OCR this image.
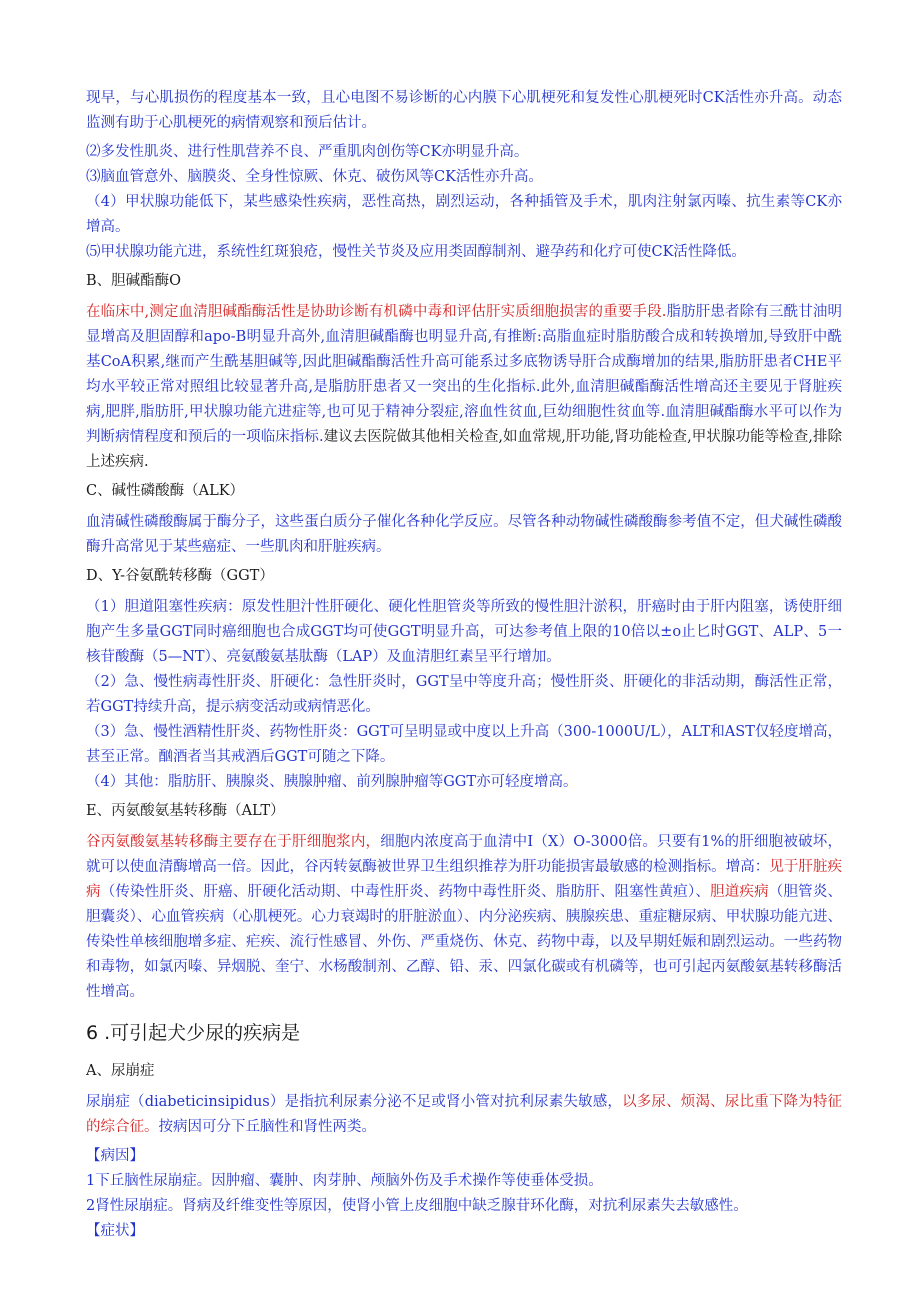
现早，与心肌损伤的程度基本一致，且心电图不易诊断的心内膜下心肌梗死和复发性心肌梗死时CK活性亦升高。动态监测有助于心肌梗死的病情观察和预后估计。

⑵多发性肌炎、进行性肌营养不良、严重肌肉创伤等CK亦明显升高。

⑶脑血管意外、脑膜炎、全身性惊厥、休克、破伤风等CK活性亦升高。

（4）甲状腺功能低下，某些感染性疾病，恶性高热，剧烈运动，各种插管及手术，肌肉注射氯丙嗪、抗生素等CK亦增高。

⑸甲状腺功能亢进，系统性红斑狼疮，慢性关节炎及应用类固醇制剂、避孕药和化疗可使CK活性降低。

B、胆碱酯酶O

在临床中,测定血清胆碱酯酶活性是协助诊断有机磷中毒和评估肝实质细胞损害的重要手段.脂肪肝患者除有三酰甘油明显增高及胆固醇和apo-B明显升高外,血清胆碱酯酶也明显升高,有推断:高脂血症时脂肪酸合成和转换增加,导致肝中酰基CoA积累,继而产生酰基胆碱等,因此胆碱酯酶活性升高可能系过多底物诱导肝合成酶增加的结果,脂肪肝患者CHE平均水平较正常对照组比较显著升高,是脂肪肝患者又一突出的生化指标.此外,血清胆碱酯酶活性增高还主要见于肾脏疾病,肥胖,脂肪肝,甲状腺功能亢进症等,也可见于精神分裂症,溶血性贫血,巨幼细胞性贫血等.血清胆碱酯酶水平可以作为判断病情程度和预后的一项临床指标.建议去医院做其他相关检查,如血常规,肝功能,肾功能检查,甲状腺功能等检查,排除上述疾病.

C、碱性磷酸酶（ALK）

血清碱性磷酸酶属于酶分子，这些蛋白质分子催化各种化学反应。尽管各种动物碱性磷酸酶参考值不定，但犬碱性磷酸酶升高常见于某些癌症、一些肌肉和肝脏疾病。

D、Y-谷氨酰转移酶（GGT）

（1）胆道阻塞性疾病：原发性胆汁性肝硬化、硬化性胆管炎等所致的慢性胆汁淤积，肝癌时由于肝内阻塞，诱使肝细胞产生多量GGT同时癌细胞也合成GGT均可使GGT明显升高，可达参考值上限的10倍以±o止匕时GGT、ALP、5一核苷酸酶（5—NT）、亮氨酸氨基肽酶（LAP）及血清胆红素呈平行增加。

（2）急、慢性病毒性肝炎、肝硬化：急性肝炎时，GGT呈中等度升高；慢性肝炎、肝硬化的非活动期，酶活性正常，若GGT持续升高，提示病变活动或病情恶化。

（3）急、慢性酒精性肝炎、药物性肝炎：GGT可呈明显或中度以上升高（300-1000U/L），ALT和AST仅轻度增高，甚至正常。酗酒者当其戒酒后GGT可随之下降。

（4）其他：脂肪肝、胰腺炎、胰腺肿瘤、前列腺肿瘤等GGT亦可轻度增高。

E、丙氨酸氨基转移酶（ALT）

谷丙氨酸氨基转移酶主要存在于肝细胞浆内，细胞内浓度高于血清中I（X）O-3000倍。只要有1%的肝细胞被破坏，就可以使血清酶增高一倍。因此，谷丙转氨酶被世界卫生组织推荐为肝功能损害最敏感的检测指标。增高：见于肝脏疾病（传染性肝炎、肝癌、肝硬化活动期、中毒性肝炎、药物中毒性肝炎、脂肪肝、阻塞性黄疸）、胆道疾病（胆管炎、胆囊炎）、心血管疾病（心肌梗死。心力衰竭时的肝脏淤血）、内分泌疾病、胰腺疾患、重症糖尿病、甲状腺功能亢进、传染性单核细胞增多症、疟疾、流行性感冒、外伤、严重烧伤、休克、药物中毒，以及早期妊娠和剧烈运动。一些药物和毒物，如氯丙嗪、异烟脱、奎宁、水杨酸制剂、乙醇、铅、汞、四氯化碳或有机磷等，也可引起丙氨酸氨基转移酶活性增高。

6 .可引起犬少尿的疾病是

A、尿崩症

尿崩症（diabeticinsipidus）是指抗利尿素分泌不足或肾小管对抗利尿素失敏感，以多尿、烦渴、尿比重下降为特征的综合征。按病因可分下丘脑性和肾性两类。

【病因】

1下丘脑性尿崩症。因肿瘤、囊肿、肉芽肿、颅脑外伤及手术操作等使垂体受损。

2肾性尿崩症。肾病及纤维变性等原因，使肾小管上皮细胞中缺乏腺苷环化酶，对抗利尿素失去敏感性。

【症状】
